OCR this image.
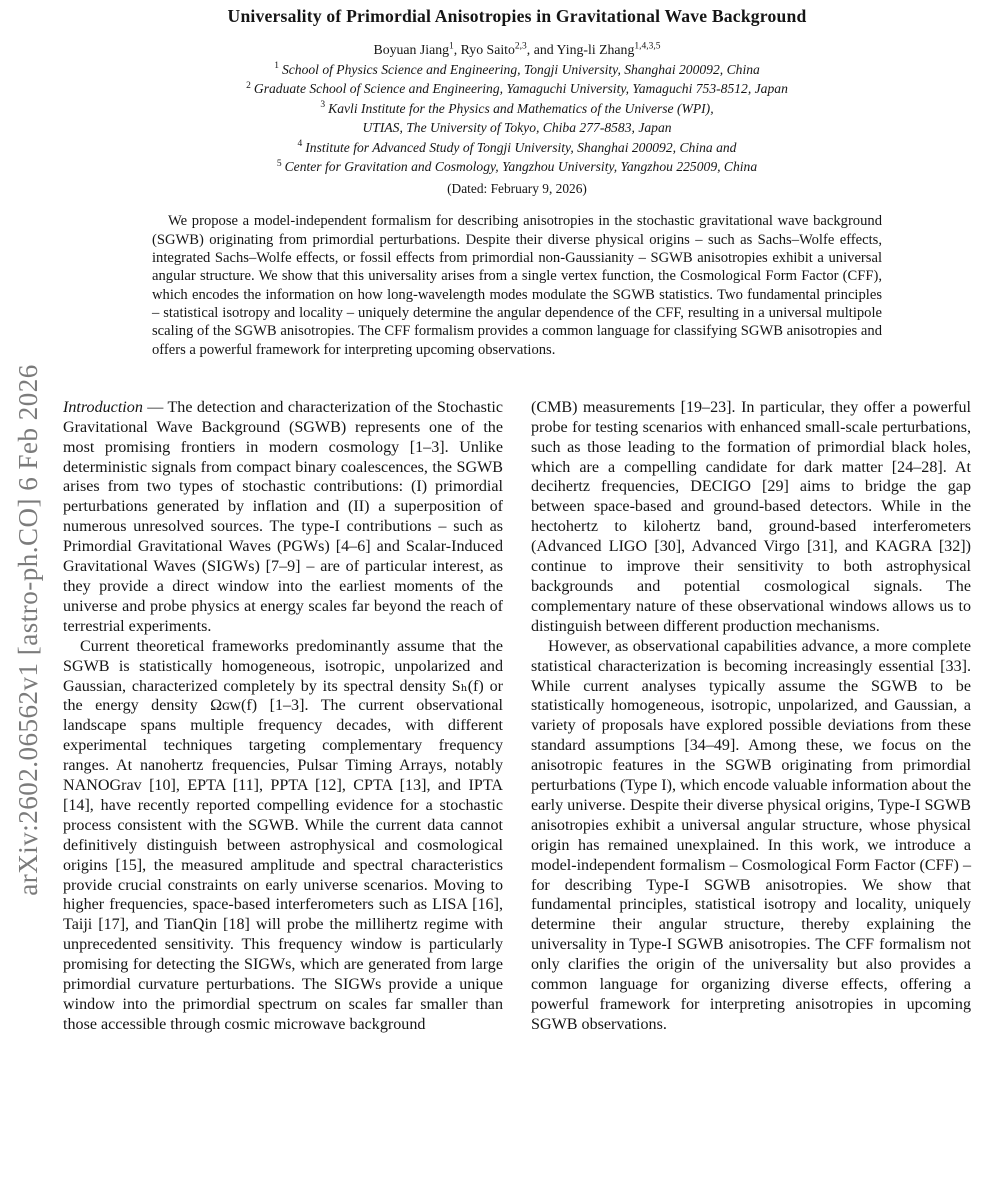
arXiv:2602.06562v1 [astro-ph.CO] 6 Feb 2026
Universality of Primordial Anisotropies in Gravitational Wave Background
Boyuan Jiang$^1$, Ryo Saito$^{2,3}$, and Ying-li Zhang$^{1,4,3,5}$
$^1$ School of Physics Science and Engineering, Tongji University, Shanghai 200092, China
$^2$ Graduate School of Science and Engineering, Yamaguchi University, Yamaguchi 753-8512, Japan
$^3$ Kavli Institute for the Physics and Mathematics of the Universe (WPI),
UTIAS, The University of Tokyo, Chiba 277-8583, Japan
$^4$ Institute for Advanced Study of Tongji University, Shanghai 200092, China and
$^5$ Center for Gravitation and Cosmology, Yangzhou University, Yangzhou 225009, China
(Dated: February 9, 2026)

We propose a model-independent formalism for describing anisotropies in the stochastic gravitational wave background (SGWB) originating from primordial perturbations. Despite their diverse physical origins – such as Sachs–Wolfe effects, integrated Sachs–Wolfe effects, or fossil effects from primordial non-Gaussianity – SGWB anisotropies exhibit a universal angular structure. We show that this universality arises from a single vertex function, the Cosmological Form Factor (CFF), which encodes the information on how long-wavelength modes modulate the SGWB statistics. Two fundamental principles – statistical isotropy and locality – uniquely determine the angular dependence of the CFF, resulting in a universal multipole scaling of the SGWB anisotropies. The CFF formalism provides a common language for classifying SGWB anisotropies and offers a powerful framework for interpreting upcoming observations.

Introduction — The detection and characterization of the Stochastic Gravitational Wave Background (SGWB) represents one of the most promising frontiers in modern cosmology [1–3]. Unlike deterministic signals from compact binary coalescences, the SGWB arises from two types of stochastic contributions: (I) primordial perturbations generated by inflation and (II) a superposition of numerous unresolved sources. The type-I contributions – such as Primordial Gravitational Waves (PGWs) [4–6] and Scalar-Induced Gravitational Waves (SIGWs) [7–9] – are of particular interest, as they provide a direct window into the earliest moments of the universe and probe physics at energy scales far beyond the reach of terrestrial experiments.

Current theoretical frameworks predominantly assume that the SGWB is statistically homogeneous, isotropic, unpolarized and Gaussian, characterized completely by its spectral density Sₕ(f) or the energy density Ωɢᴡ(f) [1–3]. The current observational landscape spans multiple frequency decades, with different experimental techniques targeting complementary frequency ranges. At nanohertz frequencies, Pulsar Timing Arrays, notably NANOGrav [10], EPTA [11], PPTA [12], CPTA [13], and IPTA [14], have recently reported compelling evidence for a stochastic process consistent with the SGWB. While the current data cannot definitively distinguish between astrophysical and cosmological origins [15], the measured amplitude and spectral characteristics provide crucial constraints on early universe scenarios. Moving to higher frequencies, space-based interferometers such as LISA [16], Taiji [17], and TianQin [18] will probe the millihertz regime with unprecedented sensitivity. This frequency window is particularly promising for detecting the SIGWs, which are generated from large primordial curvature perturbations. The SIGWs provide a unique window into the primordial spectrum on scales far smaller than those accessible through cosmic microwave background

(CMB) measurements [19–23]. In particular, they offer a powerful probe for testing scenarios with enhanced small-scale perturbations, such as those leading to the formation of primordial black holes, which are a compelling candidate for dark matter [24–28]. At decihertz frequencies, DECIGO [29] aims to bridge the gap between space-based and ground-based detectors. While in the hectohertz to kilohertz band, ground-based interferometers (Advanced LIGO [30], Advanced Virgo [31], and KAGRA [32]) continue to improve their sensitivity to both astrophysical backgrounds and potential cosmological signals. The complementary nature of these observational windows allows us to distinguish between different production mechanisms.

However, as observational capabilities advance, a more complete statistical characterization is becoming increasingly essential [33]. While current analyses typically assume the SGWB to be statistically homogeneous, isotropic, unpolarized, and Gaussian, a variety of proposals have explored possible deviations from these standard assumptions [34–49]. Among these, we focus on the anisotropic features in the SGWB originating from primordial perturbations (Type I), which encode valuable information about the early universe. Despite their diverse physical origins, Type-I SGWB anisotropies exhibit a universal angular structure, whose physical origin has remained unexplained. In this work, we introduce a model-independent formalism – Cosmological Form Factor (CFF) – for describing Type-I SGWB anisotropies. We show that fundamental principles, statistical isotropy and locality, uniquely determine their angular structure, thereby explaining the universality in Type-I SGWB anisotropies. The CFF formalism not only clarifies the origin of the universality but also provides a common language for organizing diverse effects, offering a powerful framework for interpreting anisotropies in upcoming SGWB observations.
